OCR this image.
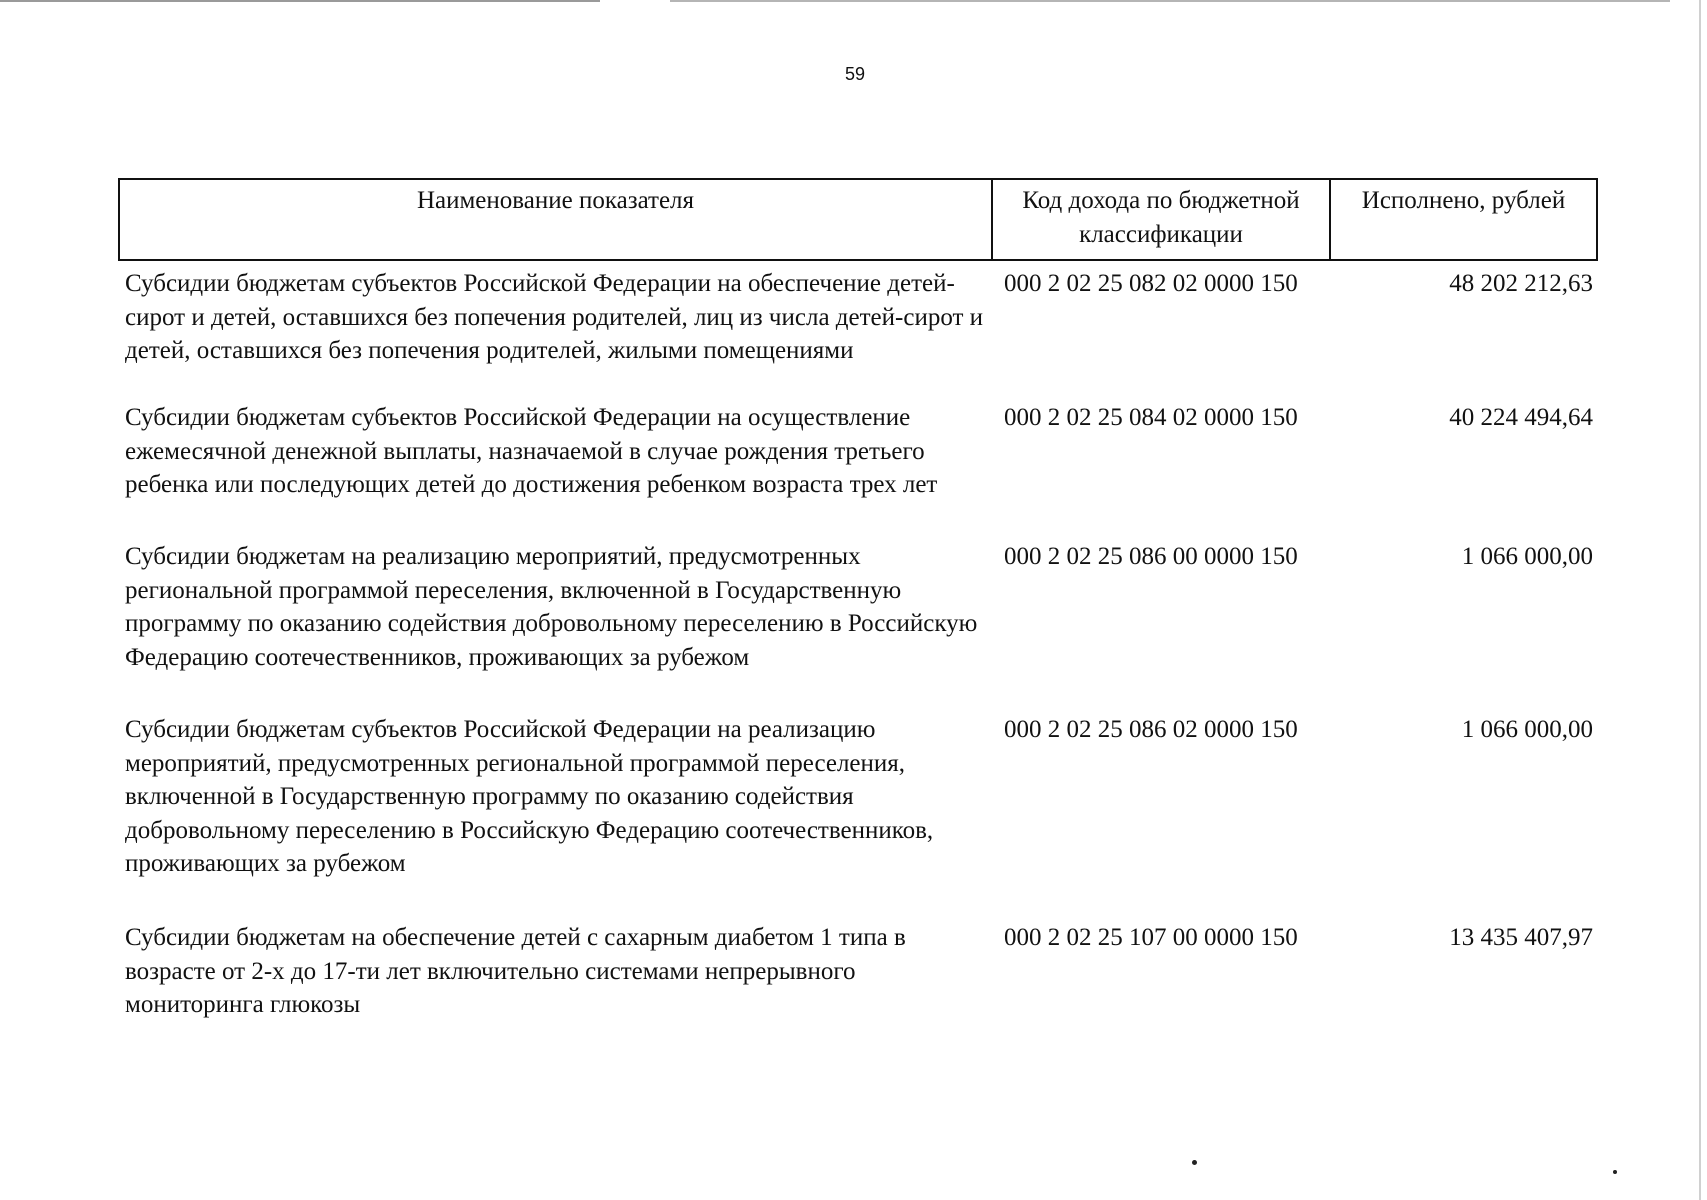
59
Наименование показателя	Код дохода по бюджетной классификации	Исполнено, рублей
Субсидии бюджетам субъектов Российской Федерации на обеспечение детей-сирот и детей, оставшихся без попечения родителей, лиц из числа детей-сирот и детей, оставшихся без попечения родителей, жилыми помещениями	000 2 02 25 082 02 0000 150	48 202 212,63
Субсидии бюджетам субъектов Российской Федерации на осуществление ежемесячной денежной выплаты, назначаемой в случае рождения третьего ребенка или последующих детей до достижения ребенком возраста трех лет	000 2 02 25 084 02 0000 150	40 224 494,64
Субсидии бюджетам на реализацию мероприятий, предусмотренных региональной программой переселения, включенной в Государственную программу по оказанию содействия добровольному переселению в Российскую Федерацию соотечественников, проживающих за рубежом	000 2 02 25 086 00 0000 150	1 066 000,00
Субсидии бюджетам субъектов Российской Федерации на реализацию мероприятий, предусмотренных региональной программой переселения, включенной в Государственную программу по оказанию содействия добровольному переселению в Российскую Федерацию соотечественников, проживающих за рубежом	000 2 02 25 086 02 0000 150	1 066 000,00
Субсидии бюджетам на обеспечение детей с сахарным диабетом 1 типа в возрасте от 2-х до 17-ти лет включительно системами непрерывного мониторинга глюкозы	000 2 02 25 107 00 0000 150	13 435 407,97
